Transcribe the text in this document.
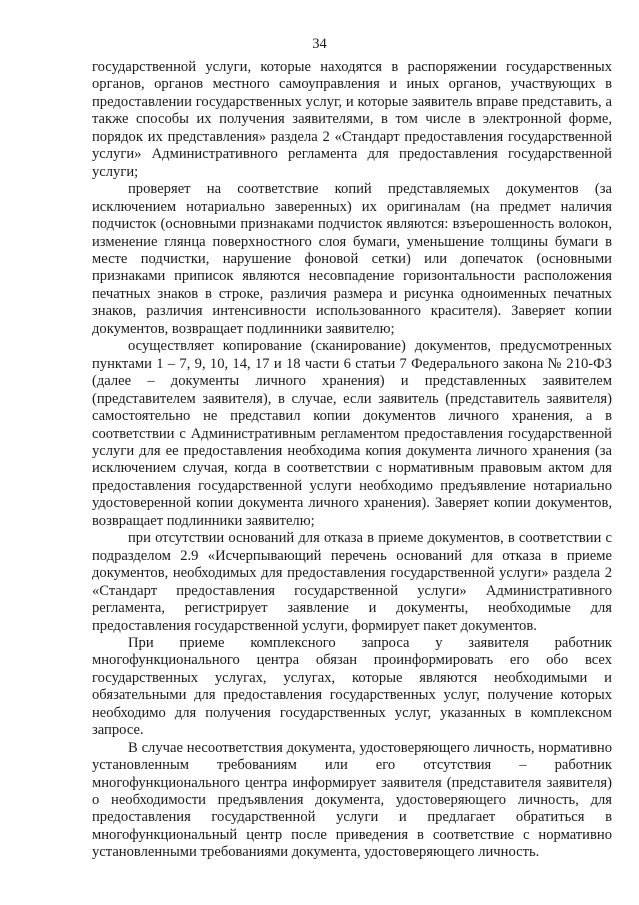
34

государственной услуги, которые находятся в распоряжении государственных органов, органов местного самоуправления и иных органов, участвующих в предоставлении государственных услуг, и которые заявитель вправе представить, а также способы их получения заявителями, в том числе в электронной форме, порядок их представления» раздела 2 «Стандарт предоставления государственной услуги» Административного регламента для предоставления государственной услуги;

проверяет на соответствие копий представляемых документов (за исключением нотариально заверенных) их оригиналам (на предмет наличия подчисток (основными признаками подчисток являются: взъерошенность волокон, изменение глянца поверхностного слоя бумаги, уменьшение толщины бумаги в месте подчистки, нарушение фоновой сетки) или допечаток (основными признаками приписок являются несовпадение горизонтальности расположения печатных знаков в строке, различия размера и рисунка одноименных печатных знаков, различия интенсивности использованного красителя). Заверяет копии документов, возвращает подлинники заявителю;

осуществляет копирование (сканирование) документов, предусмотренных пунктами 1 – 7, 9, 10, 14, 17 и 18 части 6 статьи 7 Федерального закона № 210-ФЗ (далее – документы личного хранения) и представленных заявителем (представителем заявителя), в случае, если заявитель (представитель заявителя) самостоятельно не представил копии документов личного хранения, а в соответствии с Административным регламентом предоставления государственной услуги для ее предоставления необходима копия документа личного хранения (за исключением случая, когда в соответствии с нормативным правовым актом для предоставления государственной услуги необходимо предъявление нотариально удостоверенной копии документа личного хранения). Заверяет копии документов, возвращает подлинники заявителю;

при отсутствии оснований для отказа в приеме документов, в соответствии с подразделом 2.9 «Исчерпывающий перечень оснований для отказа в приеме документов, необходимых для предоставления государственной услуги» раздела 2 «Стандарт предоставления государственной услуги» Административного регламента, регистрирует заявление и документы, необходимые для предоставления государственной услуги, формирует пакет документов.

При приеме комплексного запроса у заявителя работник многофункционального центра обязан проинформировать его обо всех государственных услугах, услугах, которые являются необходимыми и обязательными для предоставления государственных услуг, получение которых необходимо для получения государственных услуг, указанных в комплексном запросе.

В случае несоответствия документа, удостоверяющего личность, нормативно установленным требованиям или его отсутствия – работник многофункционального центра информирует заявителя (представителя заявителя) о необходимости предъявления документа, удостоверяющего личность, для предоставления государственной услуги и предлагает обратиться в многофункциональный центр после приведения в соответствие с нормативно установленными требованиями документа, удостоверяющего личность.
